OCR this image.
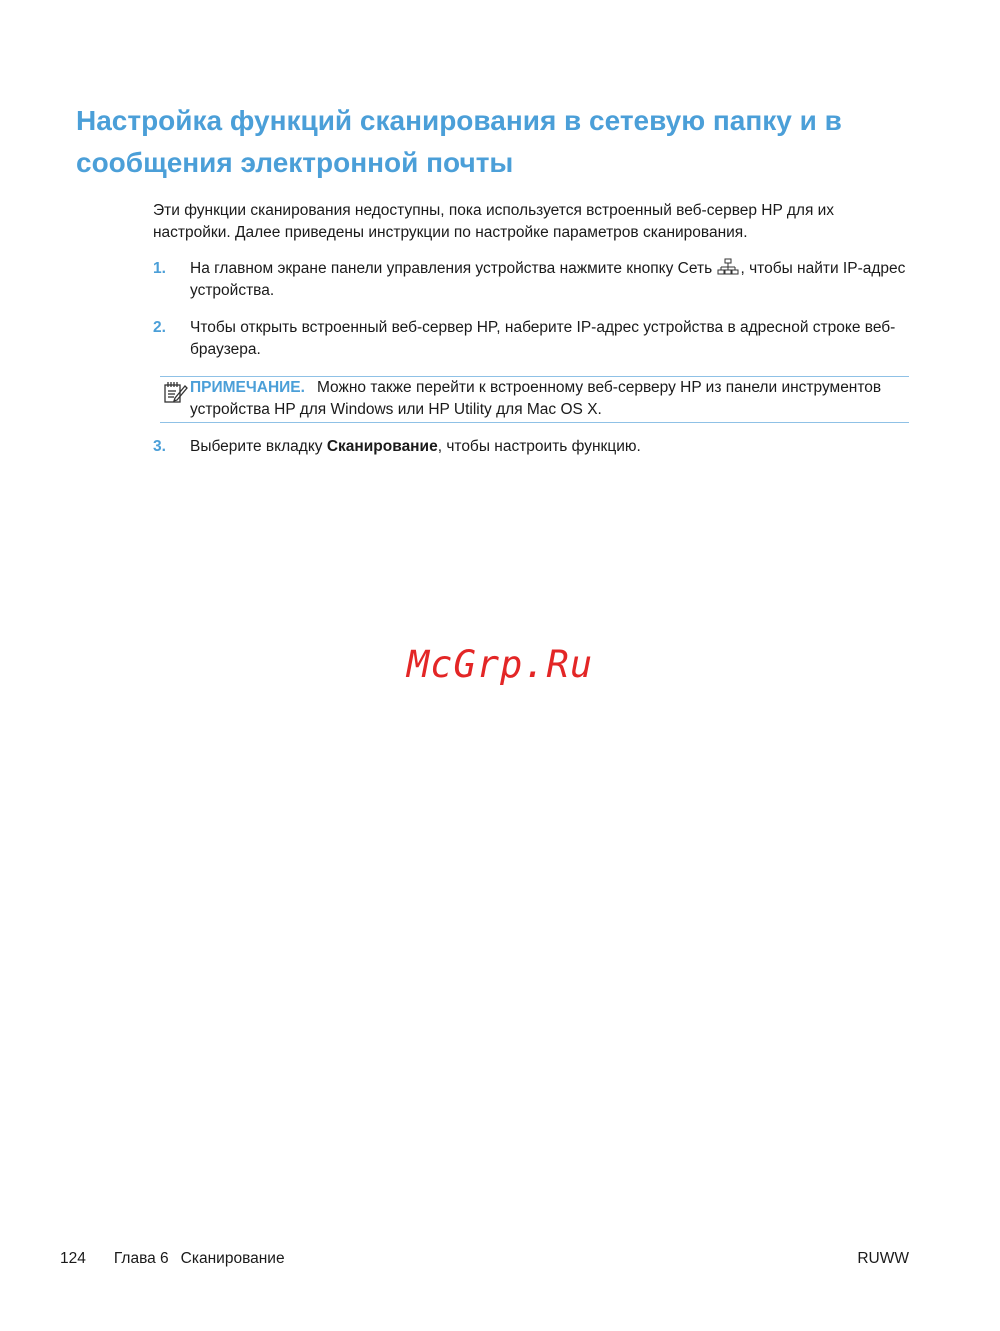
Настройка функций сканирования в сетевую папку и в сообщения электронной почты

Эти функции сканирования недоступны, пока используется встроенный веб-сервер HP для их настройки. Далее приведены инструкции по настройке параметров сканирования.

1. На главном экране панели управления устройства нажмите кнопку Сеть , чтобы найти IP-адрес устройства.
2. Чтобы открыть встроенный веб-сервер HP, наберите IP-адрес устройства в адресной строке веб-браузера.
ПРИМЕЧАНИЕ. Можно также перейти к встроенному веб-серверу HP из панели инструментов устройства HP для Windows или HP Utility для Mac OS X.
3. Выберите вкладку Сканирование, чтобы настроить функцию.
McGrp.Ru
124 Глава 6 Сканирование	RUWW
